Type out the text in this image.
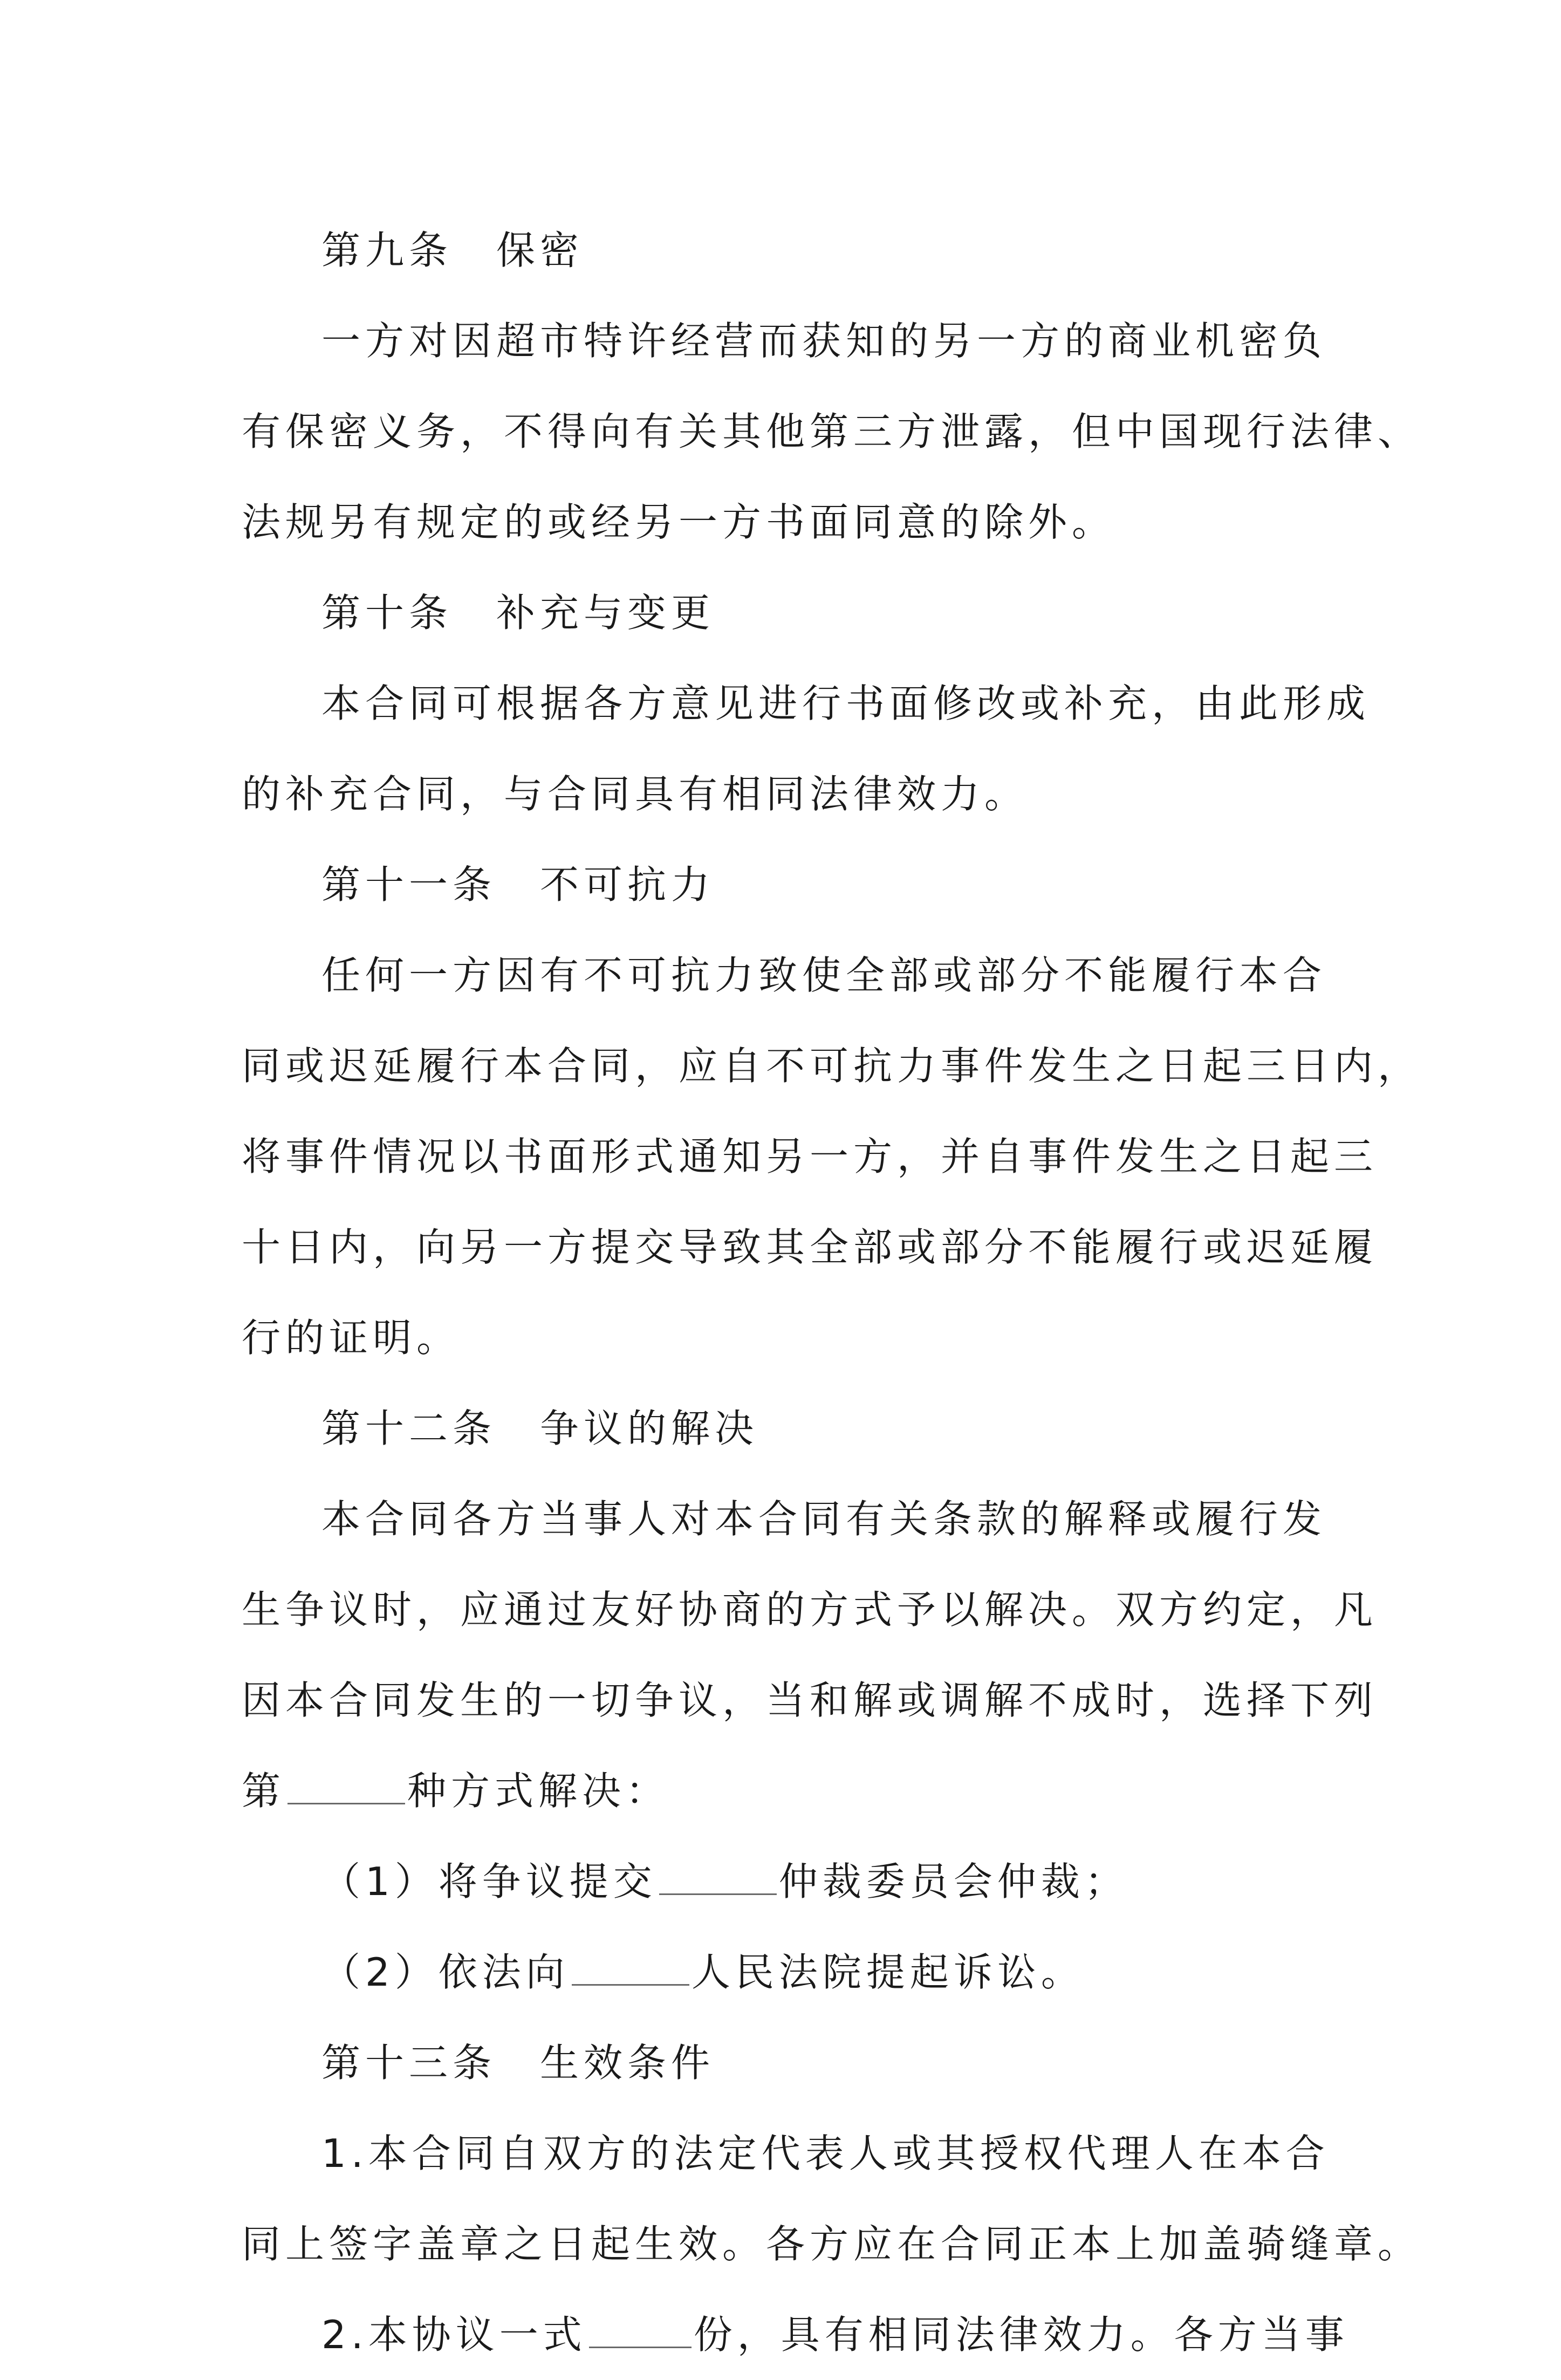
第九条　保密
一方对因超市特许经营而获知的另一方的商业机密负
有保密义务，不得向有关其他第三方泄露，但中国现行法律、
法规另有规定的或经另一方书面同意的除外。
第十条　补充与变更
本合同可根据各方意见进行书面修改或补充，由此形成
的补充合同，与合同具有相同法律效力。
第十一条　不可抗力
任何一方因有不可抗力致使全部或部分不能履行本合
同或迟延履行本合同，应自不可抗力事件发生之日起三日内，
将事件情况以书面形式通知另一方，并自事件发生之日起三
十日内，向另一方提交导致其全部或部分不能履行或迟延履
行的证明。
第十二条　争议的解决
本合同各方当事人对本合同有关条款的解释或履行发
生争议时，应通过友好协商的方式予以解决。双方约定，凡
因本合同发生的一切争议，当和解或调解不成时，选择下列
第	种方式解决：
（1）将争议提交	仲裁委员会仲裁；
（2）依法向	人民法院提起诉讼。
第十三条　生效条件
1.本合同自双方的法定代表人或其授权代理人在本合
同上签字盖章之日起生效。各方应在合同正本上加盖骑缝章。
2.本协议一式	份，具有相同法律效力。各方当事
